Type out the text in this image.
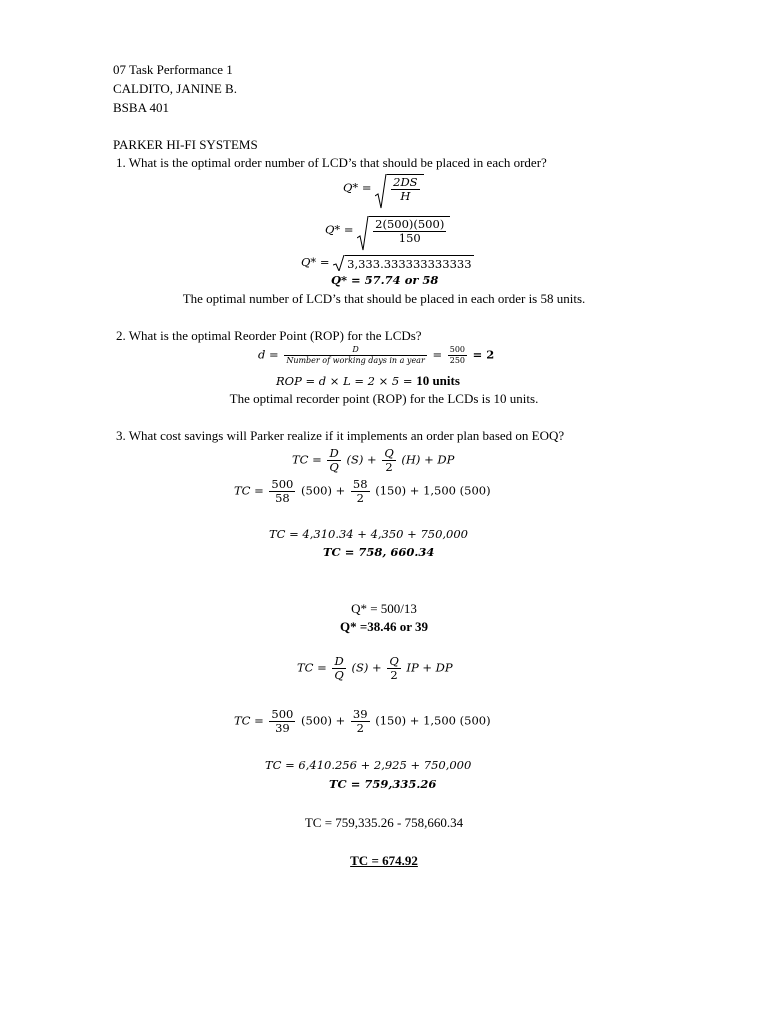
07 Task Performance 1
CALDITO, JANINE B.
BSBA 401
PARKER HI-FI SYSTEMS
1. What is the optimal order number of LCD’s that should be placed in each order?
$Q* = \frac{2DS}{H}$
$Q* = \frac{2(500)(500)}{150}$
Q* = 3,333.333333333333
Q* = 57.74 or 58
The optimal number of LCD’s that should be placed in each order is 58 units.
2. What is the optimal Reorder Point (ROP) for the LCDs?
$d = \frac{D}{\text{Number of working days in a year}} = \frac{500}{250} = 2$
ROP = d × L = 2 × 5 = 10 units
The optimal recorder point (ROP) for the LCDs is 10 units.
3. What cost savings will Parker realize if it implements an order plan based on EOQ?
TC = $\frac{D}{Q} (S) + \frac{Q}{2} (H)$ + DP
TC = $\frac{500}{58} (500) + \frac{58}{2} (150) + 1,500$ (500)
TC = 4,310.34 + 4,350 + 750,000
TC = 758, 660.34
Q* = 500/13
Q* =38.46 or 39
TC = $\frac{D}{Q} (S) + \frac{Q}{2}$ IP + DP
TC = $\frac{500}{39} (500) + \frac{39}{2} (150) + 1,500$ (500)
TC = 6,410.256 + 2,925 + 750,000
TC = 759,335.26
TC = 759,335.26 - 758,660.34
TC = 674.92
